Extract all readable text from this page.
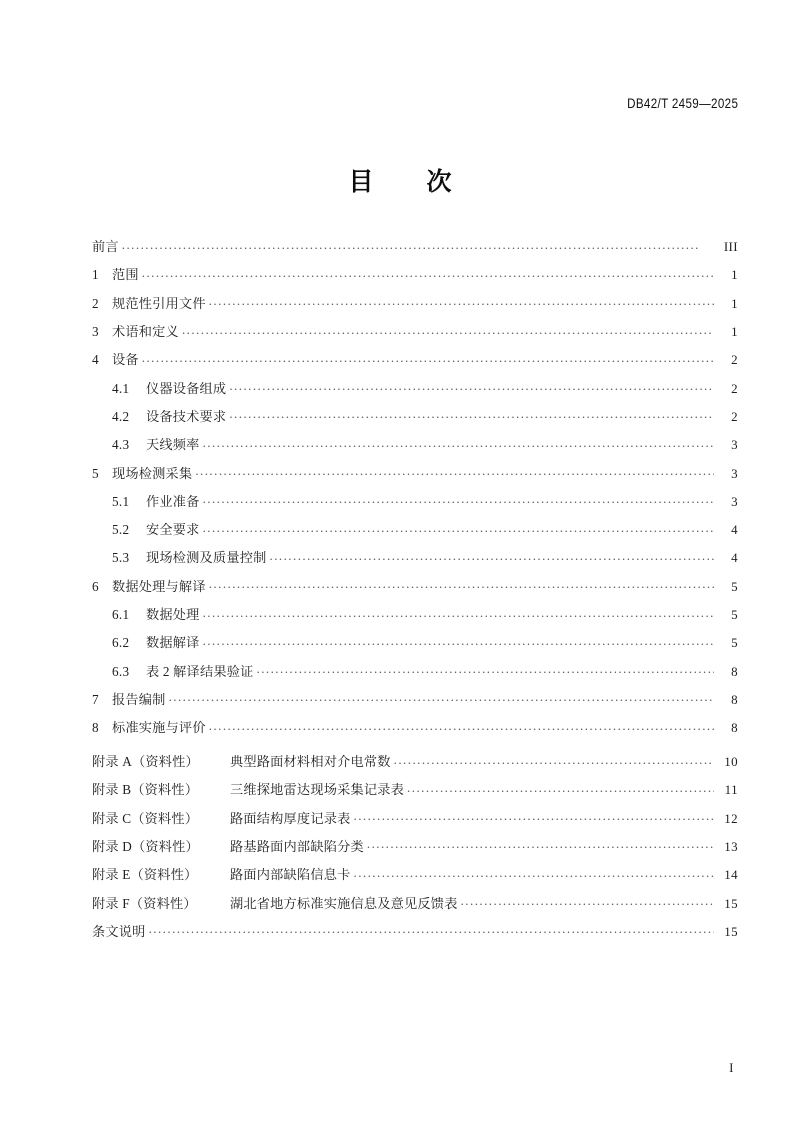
DB42/T 2459—2025
目　次
前言 . . .	III
1	范围 . . .	1
2	规范性引用文件 . . .	1
3	术语和定义 . . .	1
4	设备 . . .	2
4.1	仪器设备组成 . . .	2
4.2	设备技术要求 . . .	2
4.3	天线频率 . . .	3
5	现场检测采集 . . .	3
5.1	作业准备 . . .	3
5.2	安全要求 . . .	4
5.3	现场检测及质量控制 . . .	4
6	数据处理与解译 . . .	5
6.1	数据处理 . . .	5
6.2	数据解译 . . .	5
6.3	表 2 解译结果验证 . . .	8
7	报告编制 . . .	8
8	标准实施与评价 . . .	8
附录 A（资料性）	典型路面材料相对介电常数 . . .	10
附录 B（资料性）	三维探地雷达现场采集记录表 . . .	11
附录 C（资料性）	路面结构厚度记录表 . . .	12
附录 D（资料性）	路基路面内部缺陷分类 . . .	13
附录 E（资料性）	路面内部缺陷信息卡 . . .	14
附录 F（资料性）	湖北省地方标准实施信息及意见反馈表 . . .	15
条文说明 . . .	15
I
